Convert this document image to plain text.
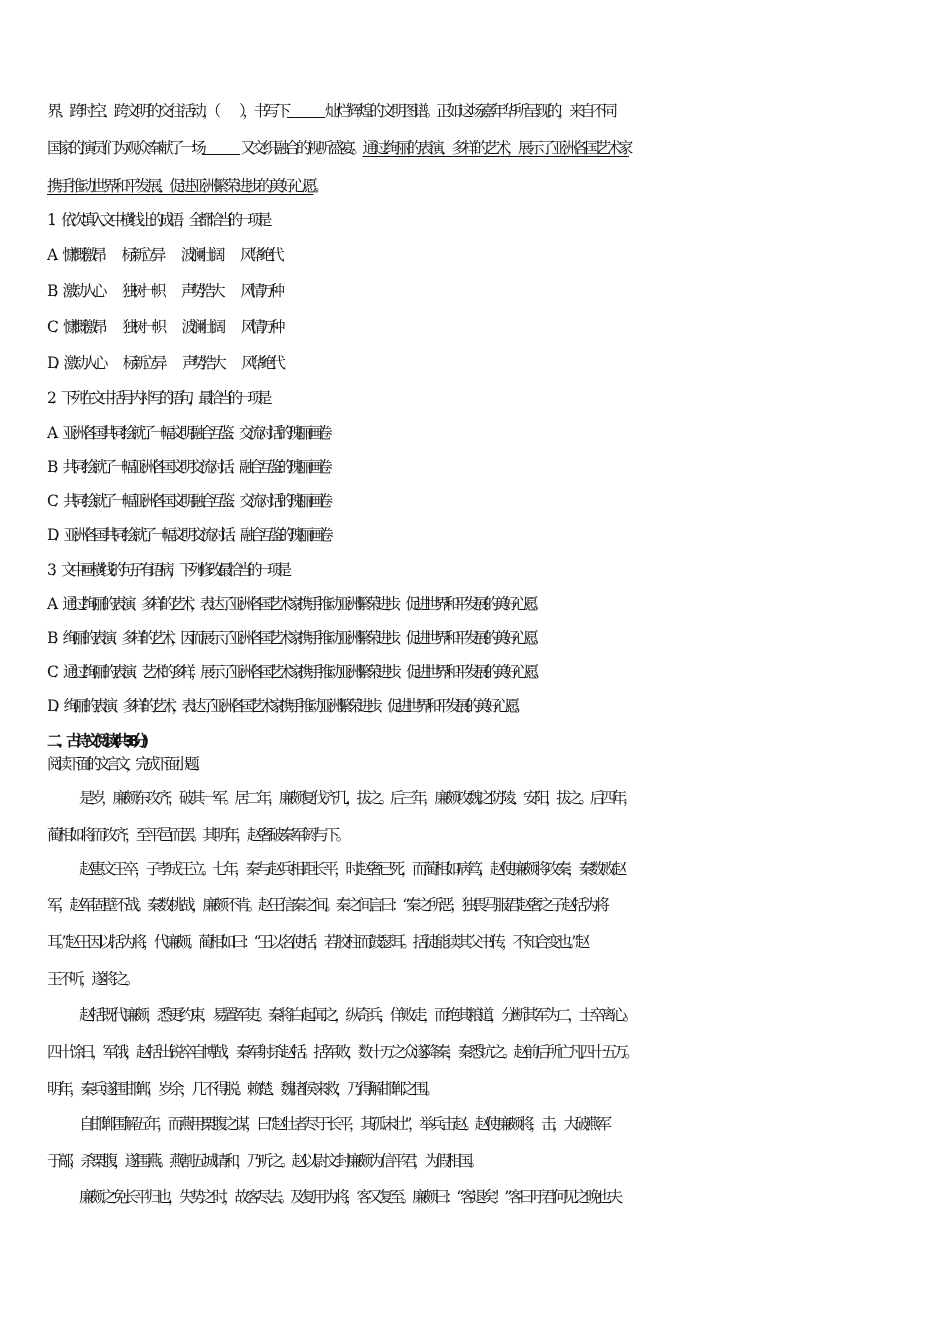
界、跨时空、跨文明的交往活动，（　　），书写下 灿烂辉煌的文明图谱。正如这场嘉年华所呈现的，来自不同
国家的演员们为观众奉献了一场 又交织融合的视听盛宴。通过绚丽的表演、多样的艺术，展示了亚洲各国艺术家
携手推动世界和平发展、促进亚洲繁荣进步的美好心愿。
1．依次填入文中横线上的成语，全都恰当的一项是
A．慷慨激昂 标新立异 波澜壮阔 风华绝代
B．激动人心 独树一帜 声势浩大 风情万种
C．慷慨激昂 独树一帜 波澜壮阔 风情万种
D．激动人心 标新立异 声势浩大 风华绝代
2．下列在文中括号内补写的语句，最恰当的一项是
A．亚洲各国共同绘就了一幅文明融合互鉴、交流对话的瑰丽画卷
B．共同绘就了一幅亚洲各国文明交流对话、融合互鉴的瑰丽画卷
C．共同绘就了一幅亚洲各国文明融合互鉴、交流对话的瑰丽画卷
D．亚洲各国共同绘就了一幅文明交流对话、融合互鉴的瑰丽画卷
3．文中画横线的句子有语病，下列修改最恰当的一项是
A．通过绚丽的表演、多样的艺术，表达了亚洲各国艺术家携手推动亚洲繁荣进步、促进世界和平发展的美好心愿。
B．绚丽的表演、多样的艺术，因而展示了亚洲各国艺术家携手推动亚洲繁荣进步、促进世界和平发展的美好心愿。
C．通过绚丽的表演、艺术的多样，展示了亚洲各国艺术家携手推动亚洲繁荣进步、促进世界和平发展的美好心愿。
D．绚丽的表演、多样的艺术，表达了亚洲各国艺术家携手推动亚洲繁荣进步、促进世界和平发展的美好心愿。
二、古诗文阅读(共 38 分)
阅读下面的文言文，完成下面小题。
是岁，廉颇东攻齐，破其一军。居二年，廉颇复伐齐几，拔之。后三年，廉颇攻魏之防陵、安阳，拔之。后四年，
蔺相如将而攻齐，至平邑而罢。其明年，赵奢破秦军阏与下。
赵惠文王卒，子孝成王立。七年，秦与赵兵相距长平，时赵奢已死，而蔺相如病笃，赵使廉颇将攻秦，秦数败赵
军，赵军固壁不战。秦数挑战，廉颇不肯。赵王信秦之间。秦之间言曰：“秦之所恶，独畏马服君赵奢之子赵括为将
耳。”赵王因以括为将，代廉颇。蔺相如曰：“王以名使括，若胶柱而鼓瑟耳。括徒能读其父书传，不知合变也。”赵
王不听，遂将之。
赵括既代廉颇，悉更约束，易置军吏。秦将白起闻之，纵奇兵，佯败走，而绝其粮道，分断其军为二，士卒离心。
四十馀日，军饿，赵括出锐卒自博战，秦军射杀赵括。括军败，数十万之众遂降秦，秦悉坑之。赵前后所亡凡四十五万。
明年，秦兵遂围邯郸，岁余，几不得脱。赖楚、魏诸侯来救，乃得解邯郸之围。
自邯郸围解五年，而燕用栗腹之谋，曰“赵壮者尽于长平，其孤未壮”，举兵击赵。赵使廉颇将，击，大破燕军
于鄗，杀栗腹，遂围燕。燕割五城请和，乃听之。赵以尉文封廉颇为信平君，为假相国。
廉颇之免长平归也，失势之时，故客尽去。及复用为将，客又复至。廉颇曰：“客退矣！”客曰吁君何见之晚也夫
